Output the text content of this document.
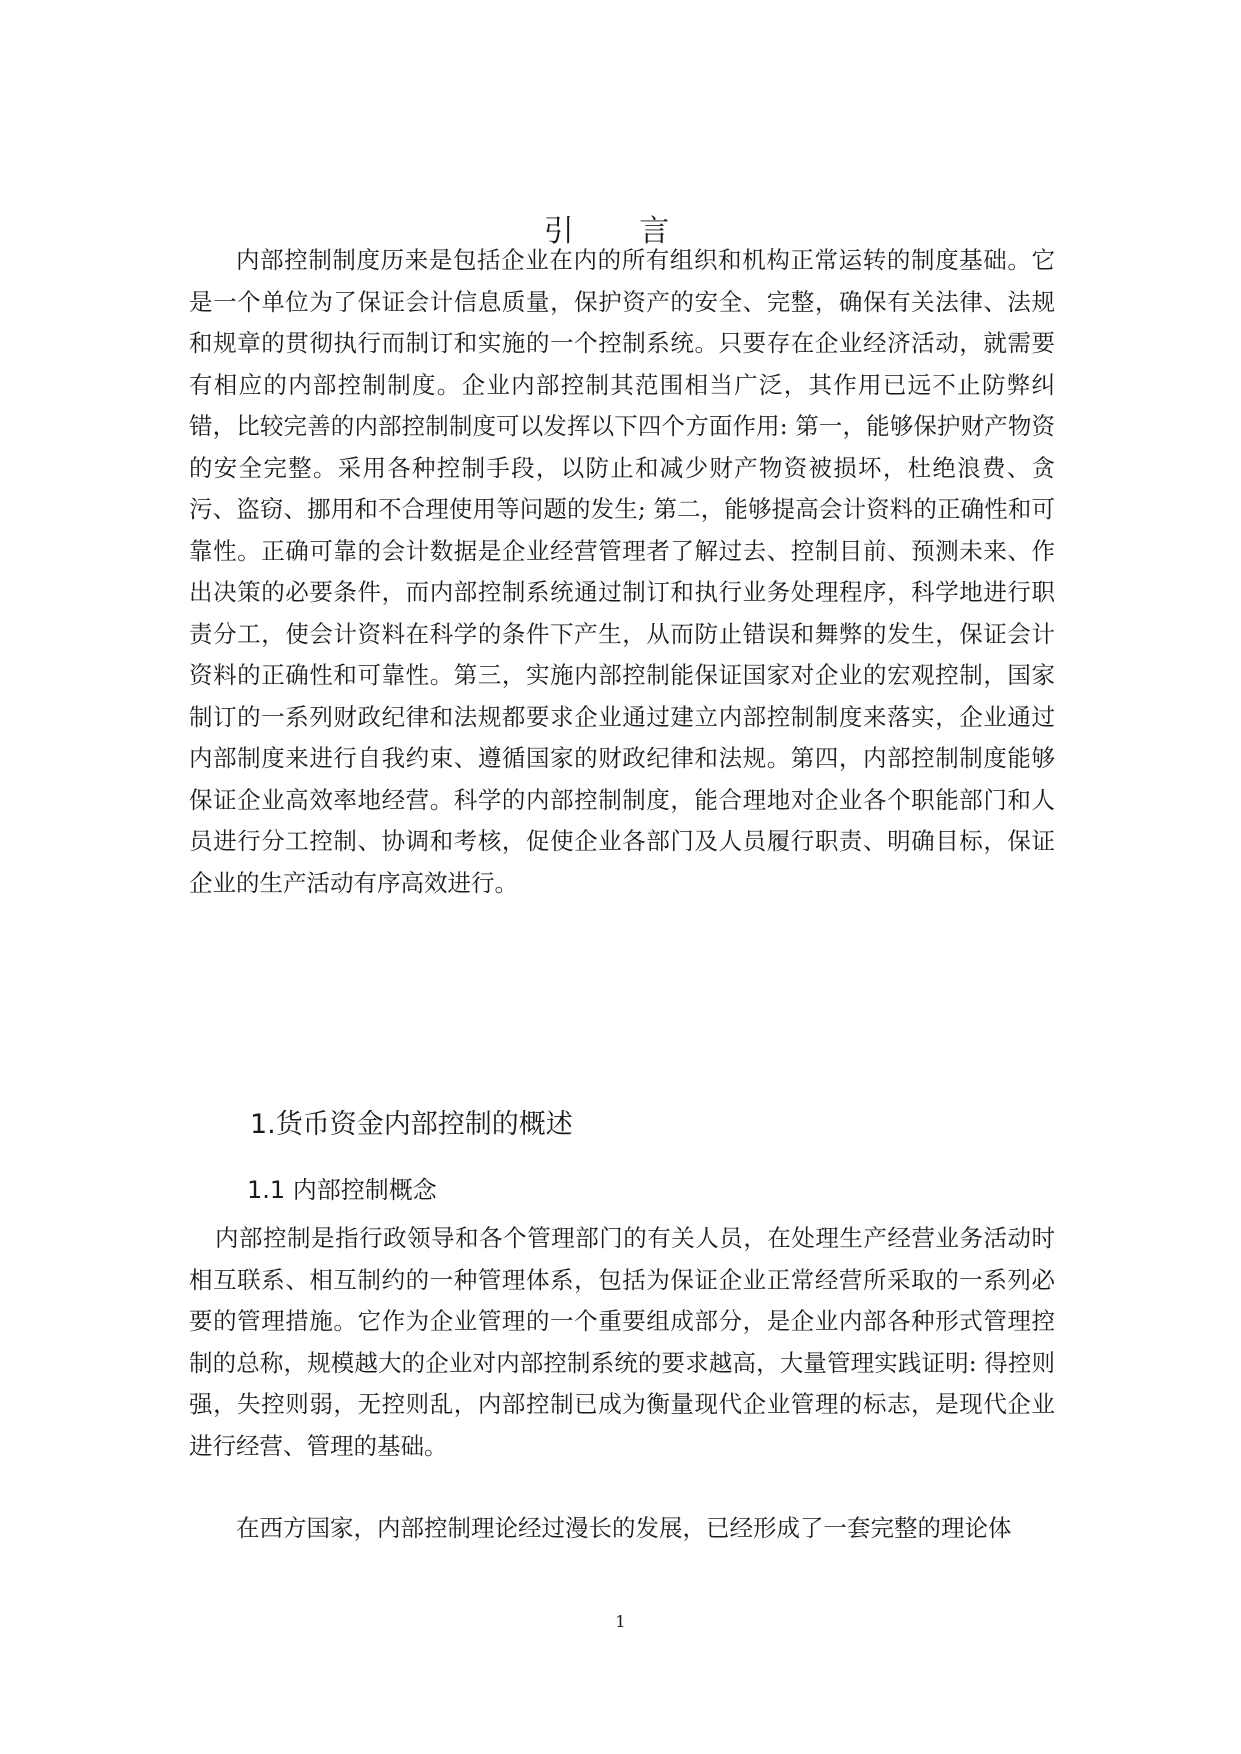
引 言

内部控制制度历来是包括企业在内的所有组织和机构正常运转的制度基础。它是一个单位为了保证会计信息质量，保护资产的安全、完整，确保有关法律、法规和规章的贯彻执行而制订和实施的一个控制系统。只要存在企业经济活动，就需要有相应的内部控制制度。企业内部控制其范围相当广泛，其作用已远不止防弊纠错，比较完善的内部控制制度可以发挥以下四个方面作用: 第一，能够保护财产物资的安全完整。采用各种控制手段，以防止和减少财产物资被损坏，杜绝浪费、贪污、盗窃、挪用和不合理使用等问题的发生; 第二，能够提高会计资料的正确性和可靠性。正确可靠的会计数据是企业经营管理者了解过去、控制目前、预测未来、作出决策的必要条件，而内部控制系统通过制订和执行业务处理程序，科学地进行职责分工，使会计资料在科学的条件下产生，从而防止错误和舞弊的发生，保证会计资料的正确性和可靠性。第三，实施内部控制能保证国家对企业的宏观控制，国家制订的一系列财政纪律和法规都要求企业通过建立内部控制制度来落实，企业通过内部制度来进行自我约束、遵循国家的财政纪律和法规。第四，内部控制制度能够保证企业高效率地经营。科学的内部控制制度，能合理地对企业各个职能部门和人员进行分工控制、协调和考核，促使企业各部门及人员履行职责、明确目标，保证企业的生产活动有序高效进行。

1.货币资金内部控制的概述
1.1 内部控制概念

内部控制是指行政领导和各个管理部门的有关人员，在处理生产经营业务活动时相互联系、相互制约的一种管理体系，包括为保证企业正常经营所采取的一系列必要的管理措施。它作为企业管理的一个重要组成部分，是企业内部各种形式管理控制的总称，规模越大的企业对内部控制系统的要求越高，大量管理实践证明: 得控则强，失控则弱，无控则乱，内部控制已成为衡量现代企业管理的标志，是现代企业进行经营、管理的基础。

在西方国家，内部控制理论经过漫长的发展，已经形成了一套完整的理论体

1
